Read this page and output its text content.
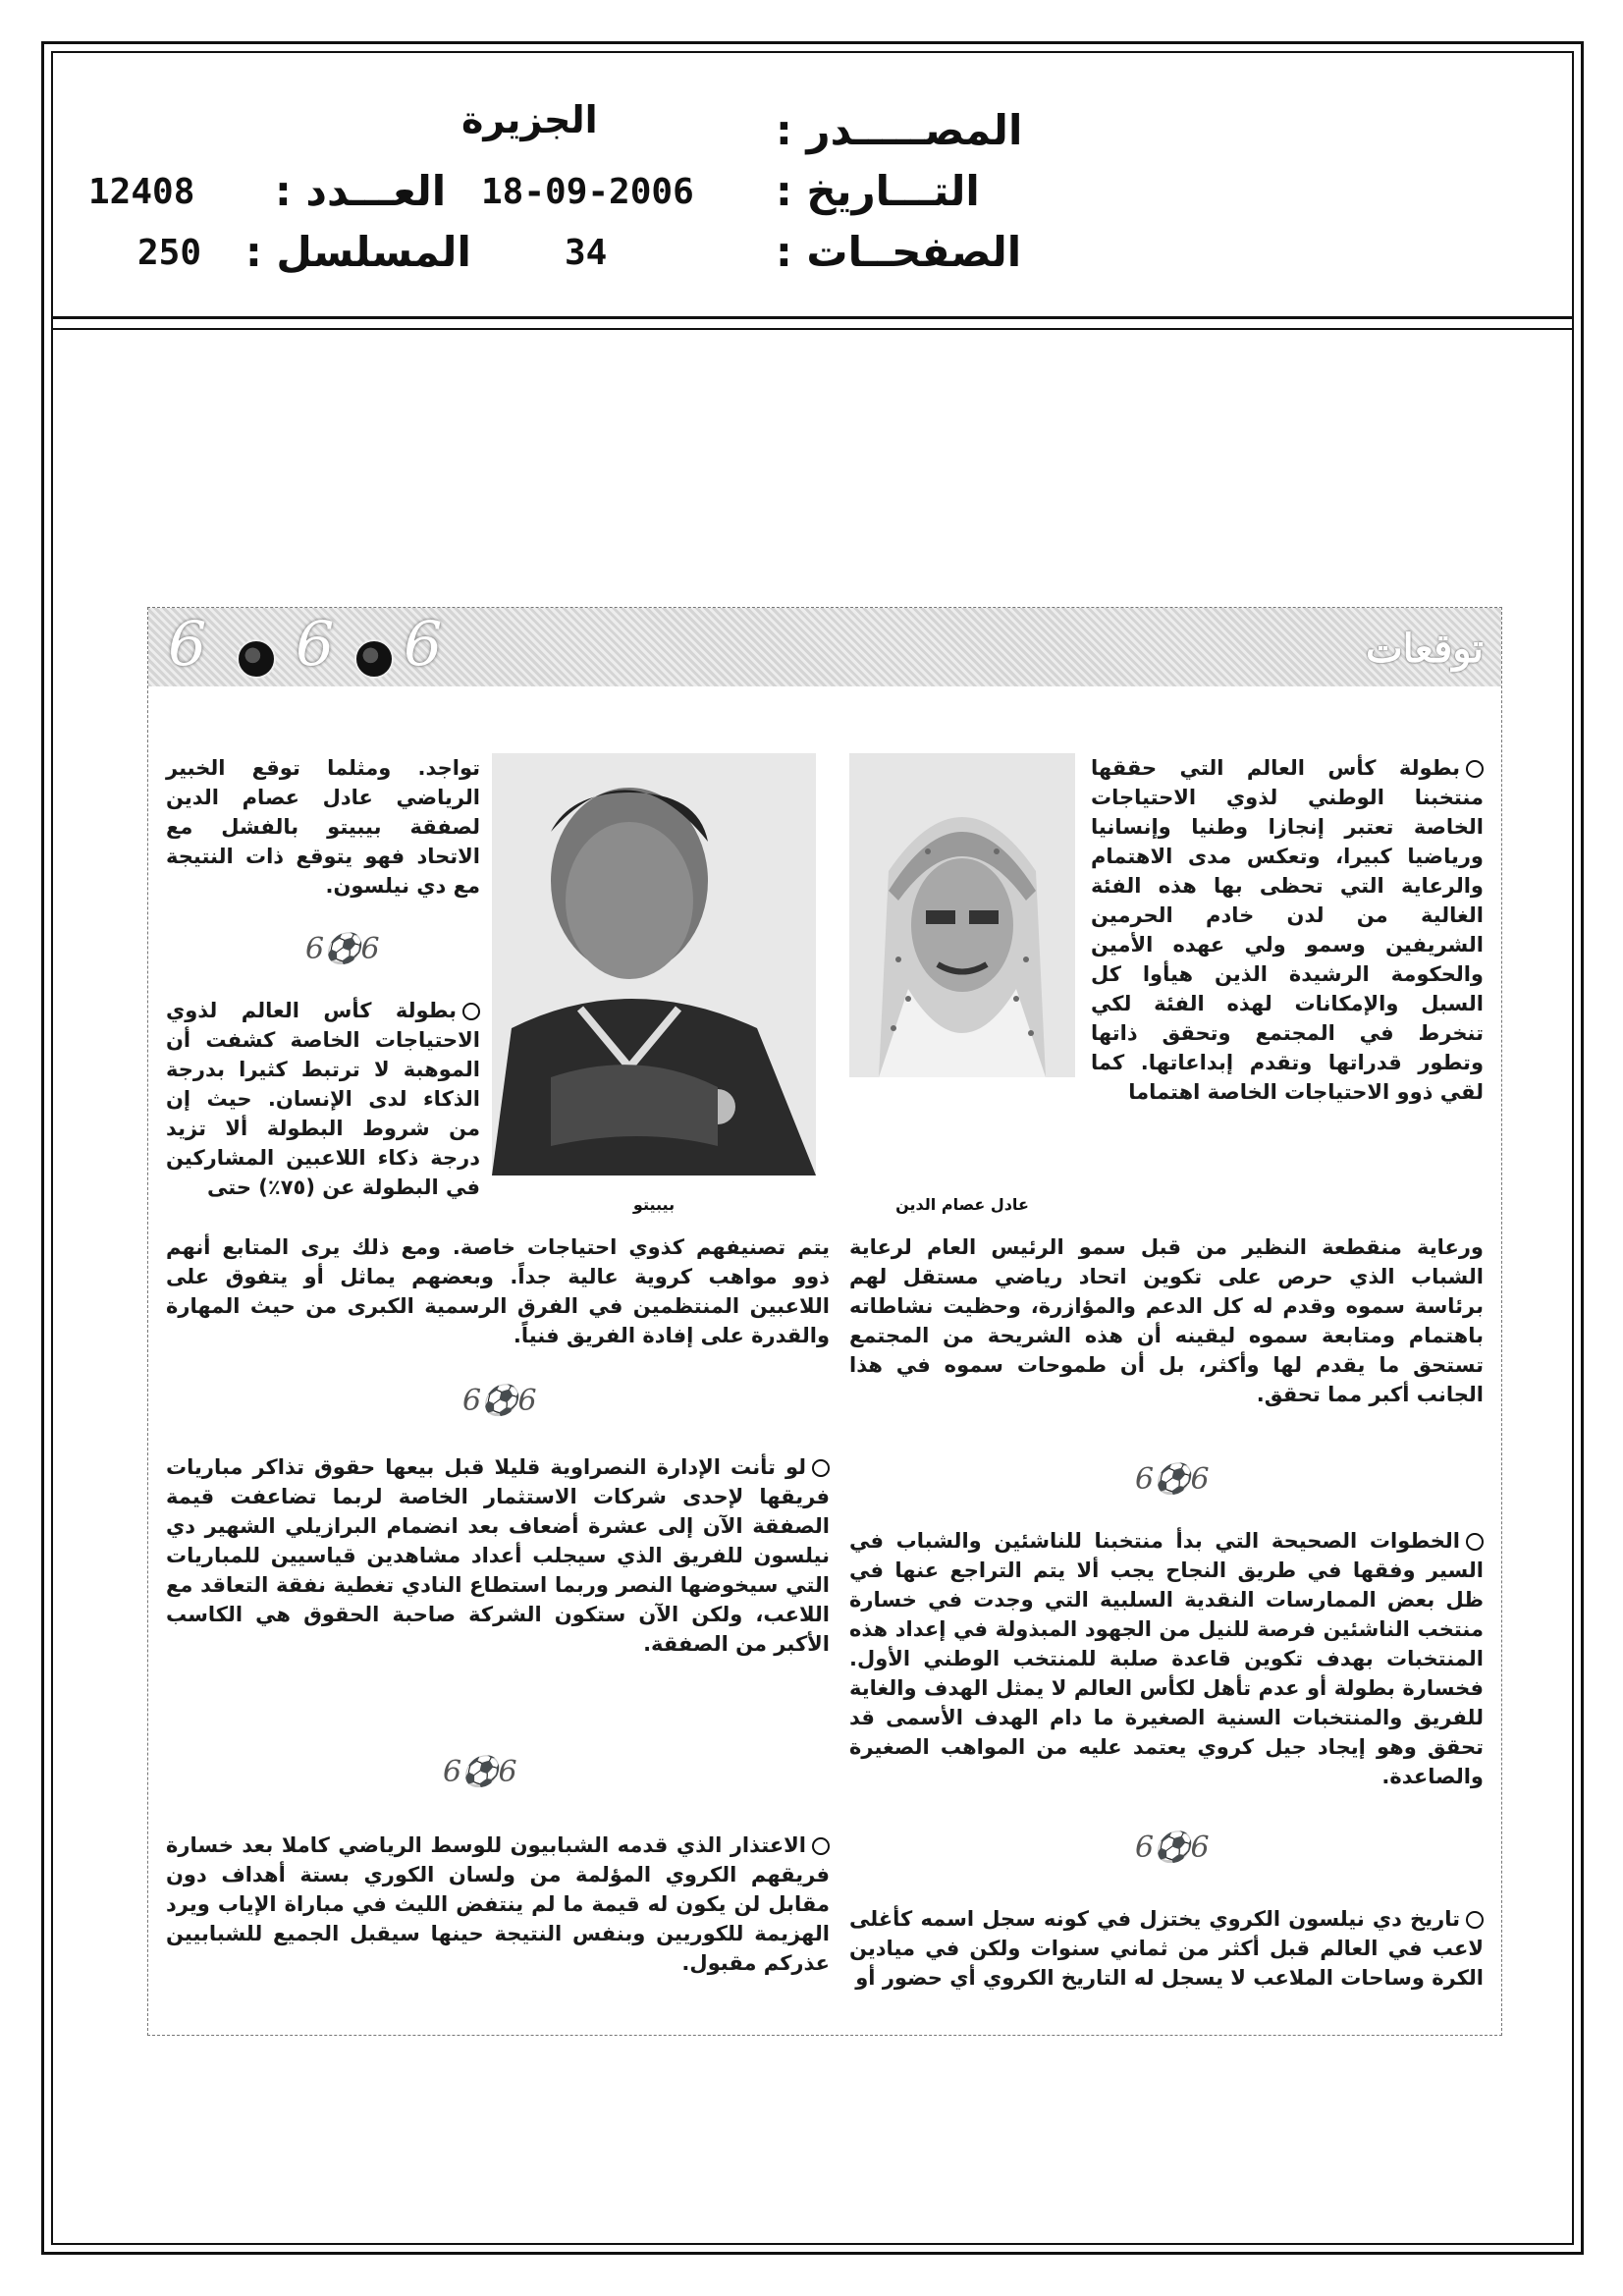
المصـــــدر :
الجزيرة
التـــاريخ :
18-09-2006
العـــدد :
12408
الصفحــات :
34
المسلسل :
250
توقعات
6 6 6
عادل عصام الدين
بيبيتو

بطولة كأس العالم التي حققها منتخبنا الوطني لذوي الاحتياجات الخاصة تعتبر إنجازا وطنيا وإنسانيا ورياضيا كبيرا، وتعكس مدى الاهتمام والرعاية التي تحظى بها هذه الفئة الغالية من لدن خادم الحرمين الشريفين وسمو ولي عهده الأمين والحكومة الرشيدة الذين هيأوا كل السبل والإمكانات لهذه الفئة لكي تنخرط في المجتمع وتحقق ذاتها وتطور قدراتها وتقدم إبداعاتها. كما لقي ذوو الاحتياجات الخاصة اهتماما

ورعاية منقطعة النظير من قبل سمو الرئيس العام لرعاية الشباب الذي حرص على تكوين اتحاد رياضي مستقل لهم برئاسة سموه وقدم له كل الدعم والمؤازرة، وحظيت نشاطاته باهتمام ومتابعة سموه ليقينه أن هذه الشريحة من المجتمع تستحق ما يقدم لها وأكثر، بل أن طموحات سموه في هذا الجانب أكبر مما تحقق.

6⚽6

الخطوات الصحيحة التي بدأ منتخبنا للناشئين والشباب في السير وفقها في طريق النجاح يجب ألا يتم التراجع عنها في ظل بعض الممارسات النقدية السلبية التي وجدت في خسارة منتخب الناشئين فرصة للنيل من الجهود المبذولة في إعداد هذه المنتخبات بهدف تكوين قاعدة صلبة للمنتخب الوطني الأول. فخسارة بطولة أو عدم تأهل لكأس العالم لا يمثل الهدف والغاية للفريق والمنتخبات السنية الصغيرة ما دام الهدف الأسمى قد تحقق وهو إيجاد جيل كروي يعتمد عليه من المواهب الصغيرة والصاعدة.

6⚽6

تاريخ دي نيلسون الكروي يختزل في كونه سجل اسمه كأغلى لاعب في العالم قبل أكثر من ثماني سنوات ولكن في ميادين الكرة وساحات الملاعب لا يسجل له التاريخ الكروي أي حضور أو

تواجد. ومثلما توقع الخبير الرياضي عادل عصام الدين لصفقة بيبيتو بالفشل مع الاتحاد فهو يتوقع ذات النتيجة مع دي نيلسون.

6⚽6

بطولة كأس العالم لذوي الاحتياجات الخاصة كشفت أن الموهبة لا ترتبط كثيرا بدرجة الذكاء لدى الإنسان. حيث إن من شروط البطولة ألا تزيد درجة ذكاء اللاعبين المشاركين في البطولة عن (٧٥٪) حتى

يتم تصنيفهم كذوي احتياجات خاصة. ومع ذلك يرى المتابع أنهم ذوو مواهب كروية عالية جداً. وبعضهم يماثل أو يتفوق على اللاعبين المنتظمين في الفرق الرسمية الكبرى من حيث المهارة والقدرة على إفادة الفريق فنياً.

6⚽6

لو تأنت الإدارة النصراوية قليلا قبل بيعها حقوق تذاكر مباريات فريقها لإحدى شركات الاستثمار الخاصة لربما تضاعفت قيمة الصفقة الآن إلى عشرة أضعاف بعد انضمام البرازيلي الشهير دي نيلسون للفريق الذي سيجلب أعداد مشاهدين قياسيين للمباريات التي سيخوضها النصر وربما استطاع النادي تغطية نفقة التعاقد مع اللاعب، ولكن الآن ستكون الشركة صاحبة الحقوق هي الكاسب الأكبر من الصفقة.

6⚽6

الاعتذار الذي قدمه الشبابيون للوسط الرياضي كاملا بعد خسارة فريقهم الكروي المؤلمة من ولسان الكوري بستة أهداف دون مقابل لن يكون له قيمة ما لم ينتفض الليث في مباراة الإياب ويرد الهزيمة للكوريين وبنفس النتيجة حينها سيقبل الجميع للشبابيين عذركم مقبول.
